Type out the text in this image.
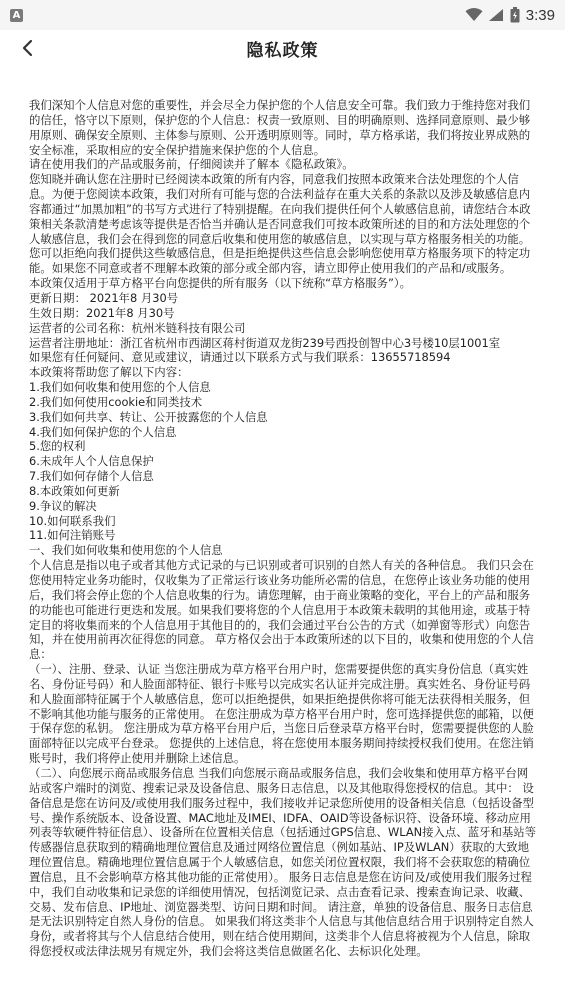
A	3:39
隐私政策

我们深知个人信息对您的重要性，并会尽全力保护您的个人信息安全可靠。我们致力于维持您对我们的信任，恪守以下原则，保护您的个人信息：权责一致原则、目的明确原则、选择同意原则、最少够用原则、确保安全原则、主体参与原则、公开透明原则等。同时，草方格承诺，我们将按业界成熟的安全标准，采取相应的安全保护措施来保护您的个人信息。

请在使用我们的产品或服务前，仔细阅读并了解本《隐私政策》。

您知晓并确认您在注册时已经阅读本政策的所有内容，同意我们按照本政策来合法处理您的个人信息。为便于您阅读本政策，我们对所有可能与您的合法利益存在重大关系的条款以及涉及敏感信息内容都通过“加黑加粗”的书写方式进行了特别提醒。在向我们提供任何个人敏感信息前，请您结合本政策相关条款清楚考虑该等提供是否恰当并确认是否同意我们可按本政策所述的目的和方法处理您的个人敏感信息，我们会在得到您的同意后收集和使用您的敏感信息，以实现与草方格服务相关的功能。您可以拒绝向我们提供这些敏感信息，但是拒绝提供这些信息会影响您使用草方格服务项下的特定功能。如果您不同意或者不理解本政策的部分或全部内容，请立即停止使用我们的产品和/或服务。

本政策仅适用于草方格平台向您提供的所有服务（以下统称“草方格服务”）。

更新日期： 2021年8 月30号

生效日期：2021年8 月30号

运营者的公司名称：杭州米链科技有限公司

运营者注册地址：浙江省杭州市西湖区蒋村街道双龙街239号西投创智中心3号楼10层1001室

如果您有任何疑问、意见或建议，请通过以下联系方式与我们联系：13655718594

本政策将帮助您了解以下内容：

1.我们如何收集和使用您的个人信息

2.我们如何使用cookie和同类技术

3.我们如何共享、转让、公开披露您的个人信息

4.我们如何保护您的个人信息

5.您的权利

6.未成年人个人信息保护

7.我们如何存储个人信息

8.本政策如何更新

9.争议的解决

10.如何联系我们

11.如何注销账号

一、我们如何收集和使用您的个人信息

个人信息是指以电子或者其他方式记录的与已识别或者可识别的自然人有关的各种信息。 我们只会在您使用特定业务功能时，仅收集为了正常运行该业务功能所必需的信息，在您停止该业务功能的使用后，我们将会停止您的个人信息收集的行为。请您理解，由于商业策略的变化，平台上的产品和服务的功能也可能进行更迭和发展。如果我们要将您的个人信息用于本政策未载明的其他用途，或基于特定目的将收集而来的个人信息用于其他目的的，我们会通过平台公告的方式（如弹窗等形式）向您告知，并在使用前再次征得您的同意。 草方格仅会出于本政策所述的以下目的，收集和使用您的个人信息：

（一）、注册、登录、认证 当您注册成为草方格平台用户时，您需要提供您的真实身份信息（真实姓名、身份证号码）和人脸面部特征、银行卡账号以完成实名认证并完成注册。真实姓名、身份证号码和人脸面部特征属于个人敏感信息，您可以拒绝提供，如果拒绝提供你将可能无法获得相关服务，但不影响其他功能与服务的正常使用。 在您注册成为草方格平台用户时，您可选择提供您的邮箱，以便于保存您的私钥。 您注册成为草方格平台用户后，当您日后登录草方格平台时，您需要提供您的人脸面部特征以完成平台登录。 您提供的上述信息，将在您使用本服务期间持续授权我们使用。在您注销账号时，我们将停止使用并删除上述信息。

（二）、向您展示商品或服务信息 当我们向您展示商品或服务信息，我们会收集和使用草方格平台网站或客户端时的浏览、搜索记录及设备信息、服务日志信息，以及其他取得您授权的信息。其中： 设备信息是您在访问及/或使用我们服务过程中，我们接收并记录您所使用的设备相关信息（包括设备型号、操作系统版本、设备设置、MAC地址及IMEI、IDFA、OAID等设备标识符、设备环境、移动应用列表等软硬件特征信息）、设备所在位置相关信息（包括通过GPS信息、WLAN接入点、蓝牙和基站等传感器信息获取到的精确地理位置信息及通过网络位置信息（例如基站、IP及WLAN）获取的大致地理位置信息。精确地理位置信息属于个人敏感信息，如您关闭位置权限，我们将不会获取您的精确位置信息，且不会影响草方格其他功能的正常使用）。 服务日志信息是您在访问及/或使用我们服务过程中，我们自动收集和记录您的详细使用情况，包括浏览记录、点击查看记录、搜索查询记录、收藏、交易、发布信息、IP地址、浏览器类型、访问日期和时间。 请注意，单独的设备信息、服务日志信息是无法识别特定自然人身份的信息。 如果我们将这类非个人信息与其他信息结合用于识别特定自然人身份，或者将其与个人信息结合使用，则在结合使用期间，这类非个人信息将被视为个人信息，除取得您授权或法律法规另有规定外，我们会将这类信息做匿名化、去标识化处理。
